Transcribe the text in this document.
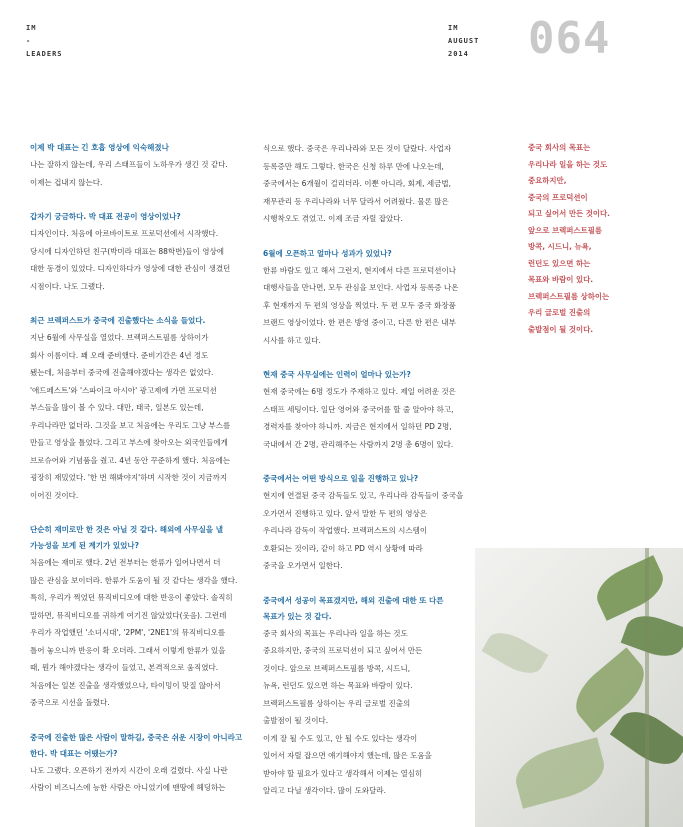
IM
-
LEADERS
IM
AUGUST
2014 064
이제 박 대표는 긴 호흡 영상에 익숙해졌나
나는 잘하지 않는데, 우리 스태프들이 노하우가 생긴 것 같다.
이제는 겁내지 않는다.
갑자기 궁금하다. 박 대표 전공이 영상이었나?
디자인이다. 처음에 아르바이트로 프로덕션에서 시작했다.
당시에 디자인하던 친구(박미라 대표는 88학번)들이 영상에
대한 동경이 있었다. 디자인하다가 영상에 대한 관심이 생겼던
시점이다. 나도 그랬다.
최근 브렉퍼스트가 중국에 진출했다는 소식을 들었다.
지난 6월에 사무실을 열었다. 브렉퍼스트필름 상하이가
회사 이름이다. 꽤 오래 준비했다. 준비기간은 4년 정도
됐는데, 처음부터 중국에 진출해야겠다는 생각은 없었다.
'애드페스트'와 '스파이크 아시아' 광고제에 가면 프로덕션
부스들을 많이 볼 수 있다. 대만, 태국, 일본도 있는데,
우리나라만 없더라. 그것을 보고 처음에는 우리도 그냥 부스를
만들고 영상을 틀었다. 그리고 부스에 찾아오는 외국인들에게
브로슈어와 기념품을 줬고. 4년 동안 꾸준하게 했다. 처음에는
굉장히 재밌었다. '한 번 해봐야지'하며 시작한 것이 지금까지
이어진 것이다.
단순히 재미로만 한 것은 아닐 것 같다. 해외에 사무실을 낼
가능성을 보게 된 계기가 있었나?
처음에는 재미로 했다. 2년 전부터는 한류가 일어나면서 더
많은 관심을 보이더라. 한류가 도움이 될 것 같다는 생각을 했다.
특히, 우리가 찍었던 뮤직비디오에 대한 반응이 좋았다. 솔직히
말하면, 뮤직비디오를 귀하게 여기진 않았었다(웃음). 그런데
우리가 작업했던 '소녀시대', '2PM', '2NE1'의 뮤직비디오를
틀어 놓으니까 반응이 확 오더라. 그래서 이렇게 한류가 있을
때, 뭔가 해야겠다는 생각이 들었고, 본격적으로 움직였다.
처음에는 일본 진출을 생각했었으나, 타이밍이 맞질 않아서
중국으로 시선을 돌렸다.
중국에 진출한 많은 사람이 말하길, 중국은 쉬운 시장이 아니라고
한다. 박 대표는 어땠는가?
나도 그랬다. 오픈하기 전까지 시간이 오래 걸렸다. 사실 나란
사람이 비즈니스에 능한 사람은 아니었기에 맨땅에 헤딩하는
식으로 했다. 중국은 우리나라와 모든 것이 달랐다. 사업자
등록증만 해도 그렇다. 한국은 신청 하루 만에 나오는데,
중국에서는 6개월이 걸리더라. 이뿐 아니라, 회계, 세금법,
재무관리 등 우리나라와 너무 달라서 어려웠다. 물론 많은
시행착오도 겪었고. 이제 조금 자릴 잡았다.
6월에 오픈하고 얼마나 성과가 있었나?
한류 바람도 있고 해서 그런지, 현지에서 다른 프로덕션이나
대행사들을 만나면, 모두 관심을 보인다. 사업자 등록증 나온
후 현재까지 두 편의 영상을 찍었다. 두 편 모두 중국 화장품
브랜드 영상이었다. 한 편은 방영 중이고, 다른 한 편은 내부
시사를 하고 있다.
현재 중국 사무실에는 인력이 얼마나 있는가?
현재 중국에는 6명 정도가 주재하고 있다. 제일 어려운 것은
스태프 세팅이다. 일단 영어와 중국어를 할 줄 알아야 하고,
경력자를 찾아야 하니까. 지금은 현지에서 일하던 PD 2명,
국내에서 간 2명, 관리해주는 사람까지 2명 총 6명이 있다.
중국에서는 어떤 방식으로 일을 진행하고 있나?
현지에 연결된 중국 감독들도 있고, 우리나라 감독들이 중국을
오가면서 진행하고 있다. 앞서 말한 두 편의 영상은
우리나라 감독이 작업했다. 브렉퍼스트의 시스템이
호환되는 것이라, 같이 하고 PD 역시 상황에 따라
중국을 오가면서 일한다.
중국에서 성공이 목표겠지만, 해외 진출에 대한 또 다른
목표가 있는 것 같다.
중국 회사의 목표는 우리나라 일을 하는 것도
중요하지만, 중국의 프로덕션이 되고 싶어서 만든
것이다. 앞으로 브렉퍼스트필름 방콕, 시드니,
뉴욕, 런던도 있으면 하는 목표와 바람이 있다.
브렉퍼스트필름 상하이는 우리 글로벌 진출의
출발점이 될 것이다.
이게 잘 될 수도 있고, 안 될 수도 있다는 생각이
있어서 자릴 잡으면 얘기해야지 했는데, 많은 도움을
받아야 할 필요가 있다고 생각해서 이제는 열심히
알리고 다닐 생각이다. 많이 도와달라.
중국 회사의 목표는
우리나라 일을 하는 것도
중요하지만,
중국의 프로덕션이
되고 싶어서 만든 것이다.
앞으로 브렉퍼스트필름
방콕, 시드니, 뉴욕,
런던도 있으면 하는
목표와 바람이 있다.
브렉퍼스트필름 상하이는
우리 글로벌 진출의
출발점이 될 것이다.
